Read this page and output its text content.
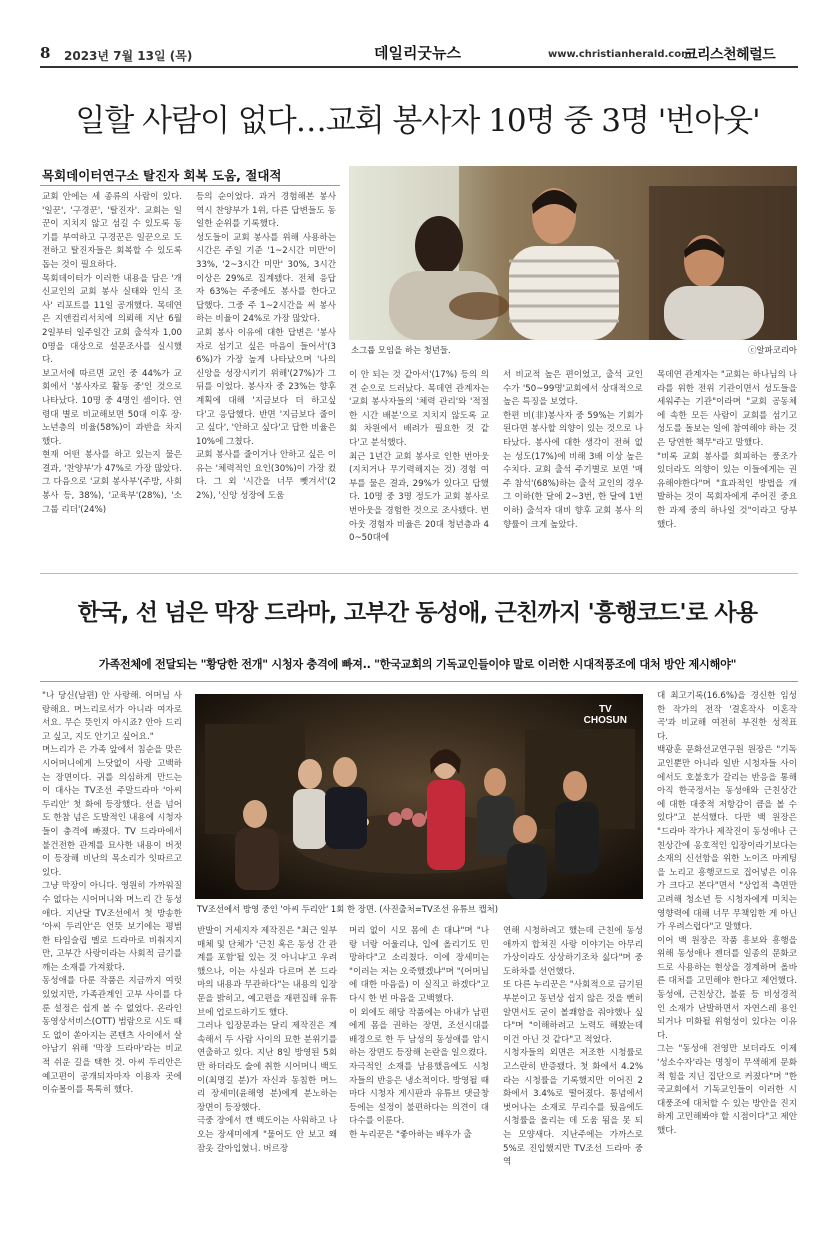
8 2023년 7월 13일 (목)	데일리굿뉴스	www.christianherald.com
크리스천헤럴드
일할 사람이 없다…교회 봉사자 10명 중 3명 '번아웃'
목회데이터연구소 탈진자 회복 도움, 절대적

교회 안에는 세 종류의 사람이 있다. '일꾼', '구경꾼', '탈진자'. 교회는 일꾼이 지치지 않고 섬길 수 있도록 동기를 부여하고 구경꾼은 일꾼으로 도전하고 탈진자들은 회복할 수 있도록 돕는 것이 필요하다.
목회데이터가 이러한 내용을 담은 '개신교인의 교회 봉사 실태와 인식 조사' 리포트를 11일 공개했다. 목데연은 지앤컴리서치에 의뢰해 지난 6월 2일부터 일주일간 교회 출석자 1,000명을 대상으로 설문조사를 실시했다.
보고서에 따르면 교인 중 44%가 교회에서 '봉사자로 활동 중'인 것으로 나타났다. 10명 중 4명인 셈이다. 연령대 별로 비교해보면 50대 이후 장·노년층의 비율(58%)이 과반을 차지했다.
현재 어떤 봉사를 하고 있는지 물은 결과, '찬양부'가 47%로 가장 많았다. 그 다음으로 '교회 봉사부'(주방, 사회봉사 등, 38%), '교육부'(28%), '소그룹 리더'(24%)

등의 순이었다. 과거 경험해본 봉사 역시 찬양부가 1위, 다른 답변들도 동일한 순위를 기록했다.
성도들이 교회 봉사를 위해 사용하는 시간은 주일 기준 '1~2시간 미만'이 33%, '2~3시간 미만' 30%, 3시간 이상은 29%로 집계됐다. 전체 응답자 63%는 주중에도 봉사를 한다고 답했다. 그중 주 1~2시간을 써 봉사하는 비율이 24%로 가장 많았다.
교회 봉사 이유에 대한 답변은 '봉사자로 섬기고 싶은 마음이 들어서'(36%)가 가장 높게 나타났으며 '나의 신앙을 성장시키기 위해'(27%)가 그 뒤를 이었다. 봉사자 중 23%는 향후 계획에 대해 '지금보다 더 하고싶다'고 응답했다. 반면 '지금보다 줄이고 싶다', '안하고 싶다'고 답한 비율은 10%에 그쳤다.
교회 봉사를 줄이거나 안하고 싶은 이유는 '체력적인 요인(30%)이 가장 컸다. 그 외 '시간을 너무 뺏겨서'(22%), '신앙 성장에 도움

소그룹 모임을 하는 청년들.	ⓒ알파코리아

이 안 되는 것 같아서'(17%) 등의 의견 순으로 드러났다. 목데연 관계자는 '교회 봉사자들의 '체력 관리'와 '적절한 시간 배분'으로 지치지 않도록 교회 차원에서 배려가 필요한 것 같다'고 분석했다.
최근 1년간 교회 봉사로 인한 번아웃(지치거나 무기력해지는 것) 경험 여부를 물은 결과, 29%가 있다고 답했다. 10명 중 3명 정도가 교회 봉사로 번아웃을 경험한 것으로 조사됐다. 번아웃 경험자 비율은 20대 청년층과 40~50대에

서 비교적 높은 편이었고, 출석 교인 수가 '50~99명'교회에서 상대적으로 높은 특징을 보였다.
한편 비(非)봉사자 중 59%는 기회가 된다면 봉사할 의향이 있는 것으로 나타났다. 봉사에 대한 생각이 전혀 없는 성도(17%)에 비해 3배 이상 높은 수치다. 교회 출석 주기별로 보면 '매주 참석'(68%)하는 출석 교인의 경우 그 이하(한 달에 2~3번, 한 달에 1번 이하) 출석자 대비 향후 교회 봉사 의향률이 크게 높았다.

목데연 관계자는 "교회는 하나님의 나라를 위한 전위 기관이면서 성도들을 세워주는 기관"이라며 "교회 공동체에 속한 모든 사람이 교회를 섬기고 성도를 돌보는 일에 참여해야 하는 것은 당연한 책무"라고 말했다.
"비록 교회 봉사를 회피하는 풍조가 있더라도 의향이 있는 이들에게는 권유해야한다"며 "효과적인 방법을 개발하는 것이 목회자에게 주어진 중요한 과제 중의 하나일 것"이라고 당부했다.

한국, 선 넘은 막장 드라마, 고부간 동성애, 근친까지 '흥행코드'로 사용
가족전체에 전달되는 "황당한 전개" 시청자 충격에 빠져.. "한국교회의 기독교인들이야 말로 이러한 시대적풍조에 대처 방안 제시해야"

"나 당신(남편) 안 사랑해. 어머님 사랑해요. 며느리로서가 아니라 여자로서요. 무슨 뜻인지 아시죠? 안아 드리고 싶고, 지도 안기고 싶어요."
며느리가 은 가족 앞에서 침순을 맞은 시어머니에게 느닷없이 사랑 고백하는 장면이다. 귀를 의심하게 만드는 이 대사는 TV조선 주말드라마 '아씨 두리안' 첫 화에 등장했다. 선을 넘어도 한참 넘은 도발적인 내용에 시청자들이 충격에 빠졌다. TV 드라마에서 불건전한 관계를 묘사한 내용이 버젓이 등장해 비난의 목소리가 잇따르고 있다.
그냥 막장이 아니다. 영원히 가까워질 수 없다는 시어머니와 며느리 간 동성애다. 지난달 TV조선에서 첫 방송한 '아씨 두리안'은 언뜻 보기에는 평범한 타임슬립 멜로 드라마로 비춰지지만, 고부간 사랑이라는 사회적 금기를 깨는 소재를 가져왔다.
동성애를 다룬 작품은 지금까지 여럿 있었지만, 가족관계인 고부 사이를 다룬 설정은 쉽게 볼 수 없었다. 온라인동영상서비스(OTT) 범람으로 시도 때도 없이 쏟아지는 콘텐츠 사이에서 살아남기 위해 '막장 드라마'라는 비교적 쉬운 길을 택한 것. 아씨 두리안은 예고편이 공개되자마자 이용자 곳에 이슈몰이를 톡톡히 했다.

TV
CHOSUN
TV조선에서 방영 중인 '아씨 두리안' 1회 한 장면. (사진출처=TV조선 유튜브 캡처)

반발이 거세지자 제작진은 "최근 일부 매체 및 단체가 '근친 혹은 동성 간 관계를 포함'될 있는 것 아니냐'고 우려했으나, 이는 사실과 다르며 본 드라마의 내용과 무관하다"는 내용의 입장문을 밝히고, 예고편을 재편집해 유튜브에 업로드하기도 했다.
그러나 입장문과는 달리 제작진은 계속해서 두 사람 사이의 묘한 분위기를 연출하고 있다. 지난 8일 방영된 5회만 하더라도 술에 취한 시어머니 백도이(최명길 분)가 자신과 동침한 며느리 장세미(윤해영 분)에게 분노하는 장면이 등장했다.
극중 장에서 깬 백도이는 사워하고 나오는 장세미에게 "물어도 안 보고 왜 잠옷 갈아입혔니. 버르장

머리 없이 시모 몸에 손 대냐"며 "나랑 너랑 어울리냐, 입에 올리기도 민망하다"고 소리쳤다. 이에 장세미는 "이러는 저는 오죽했겠냐"며 "(어머님에 대한 마음을) 이 실직고 하겠다"고 다시 한 번 마음을 고백했다.
이 외에도 해당 작품에는 아내가 남편에게 몸을 권하는 장면, 조선시대를 배경으로 한 두 남성의 동성애를 암시하는 장면도 등장해 논란을 일으켰다.
자극적인 소재를 남용했음에도 시청자들의 반응은 냉소적이다. 방영될 때마다 시청자 게시판과 유튜브 댓글창 등에는 설정이 불편하다는 의견이 대다수를 이룬다.
한 누리꾼은 "좋아하는 배우가 출

연해 시청하려고 했는데 근친에 동성애까지 합쳐진 사랑 이야기는 아무리 가상이라도 상상하기조차 싫다"며 중도하차를 선언했다.
또 다른 누리꾼은 "사회적으로 금기된 부분이고 동년상 쉽지 않은 것을 뻔히 알면서도 굳이 볼쾌함을 줘야했나 싶다"며 "이해하려고 노력도 해봤는데 이건 아닌 것 같다"고 적었다.
시청자들의 외면은 저조한 시청률로 고스란히 반증됐다. 첫 화에서 4.2%라는 시청률을 기록했지만 이어진 2화에서 3.4%로 떨어졌다. 통념에서 벗어나는 소재로 무리수를 뒀음에도 시청률을 올리는 데 도움 됨을 못 되는 모양새다. 지난주에는 가까스로 5%로 진입했지만 TV조선 드라마 중 역

대 최고기록(16.6%)을 경신한 임성한 작가의 전작 '결혼작사 이혼작곡'과 비교해 여전히 부진한 성적표다.
백광훈 문화선교연구원 원장은 "기독교인뿐만 아니라 일반 시청자들 사이에서도 호불호가 갈리는 반응을 통해 아직 한국정서는 동성애와 근친상간에 대한 대중적 저항감이 큼을 볼 수 있다"고 분석했다. 다만 백 원장은 "드라마 작가나 제작진이 동성애나 근친상간에 옹호적인 입장이라기보다는 소재의 신선함을 위한 노이즈 마케팅을 노리고 흥행코드로 집어넣은 이유가 크다고 본다"면서 "상업적 측면만 고려해 청소년 등 시청자에게 미치는 영향력에 대해 너무 무책임한 게 아닌가 우려스럽다"고 말했다.
이어 백 원장은 작품 흥보와 흥행을 위해 동성애나 젠더를 일종의 문화코드로 사용하는 현상을 경계하며 올바른 대처를 고민해야 한다고 제언했다. 동성애, 근친상간, 불륜 등 비성경적인 소재가 난발하면서 자연스레 용인되거나 미화될 위험성이 있다는 이유다.
그는 "동성애 전영만 보더라도 이제 '성소수자'라는 명칭이 무색해게 문화적 힘을 지닌 집단으로 커졌다"며 "한국교회에서 기독교인들이 이러한 시대풍조에 대처할 수 있는 방안을 진지하게 고민해봐야 할 시점이다"고 제안했다.
